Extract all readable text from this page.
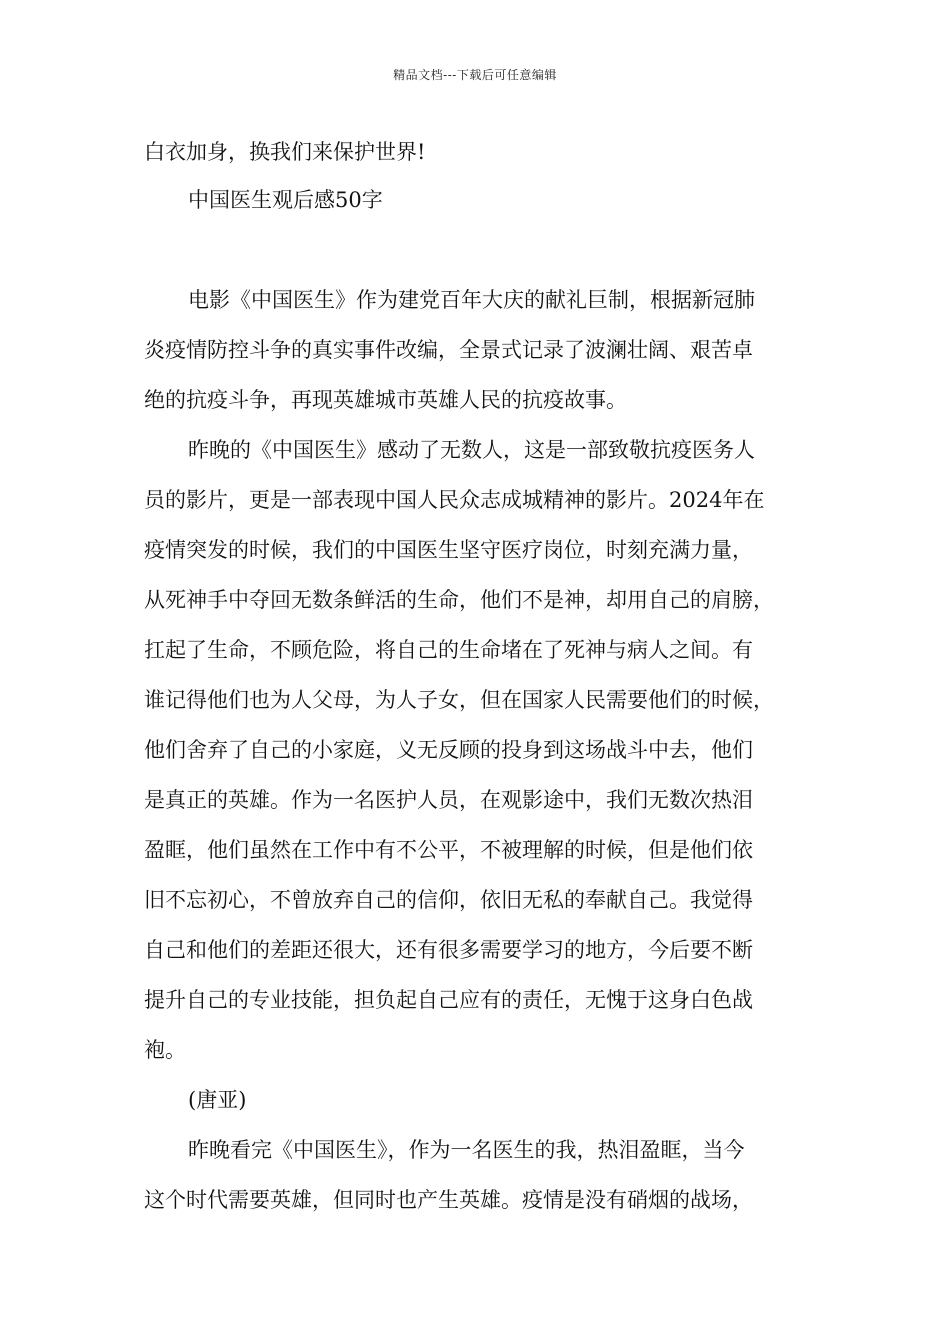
精品文档---下载后可任意编辑
白衣加身，换我们来保护世界!
中国医生观后感50字
电影《中国医生》作为建党百年大庆的献礼巨制，根据新冠肺
炎疫情防控斗争的真实事件改编，全景式记录了波澜壮阔、艰苦卓
绝的抗疫斗争，再现英雄城市英雄人民的抗疫故事。
昨晚的《中国医生》感动了无数人，这是一部致敬抗疫医务人
员的影片，更是一部表现中国人民众志成城精神的影片。2024年在
疫情突发的时候，我们的中国医生坚守医疗岗位，时刻充满力量，
从死神手中夺回无数条鲜活的生命，他们不是神，却用自己的肩膀，
扛起了生命，不顾危险，将自己的生命堵在了死神与病人之间。有
谁记得他们也为人父母，为人子女，但在国家人民需要他们的时候，
他们舍弃了自己的小家庭，义无反顾的投身到这场战斗中去，他们
是真正的英雄。作为一名医护人员，在观影途中，我们无数次热泪
盈眶，他们虽然在工作中有不公平，不被理解的时候，但是他们依
旧不忘初心，不曾放弃自己的信仰，依旧无私的奉献自己。我觉得
自己和他们的差距还很大，还有很多需要学习的地方，今后要不断
提升自己的专业技能，担负起自己应有的责任，无愧于这身白色战
袍。
(唐亚)
昨晚看完《中国医生》，作为一名医生的我，热泪盈眶，当今
这个时代需要英雄，但同时也产生英雄。疫情是没有硝烟的战场，
